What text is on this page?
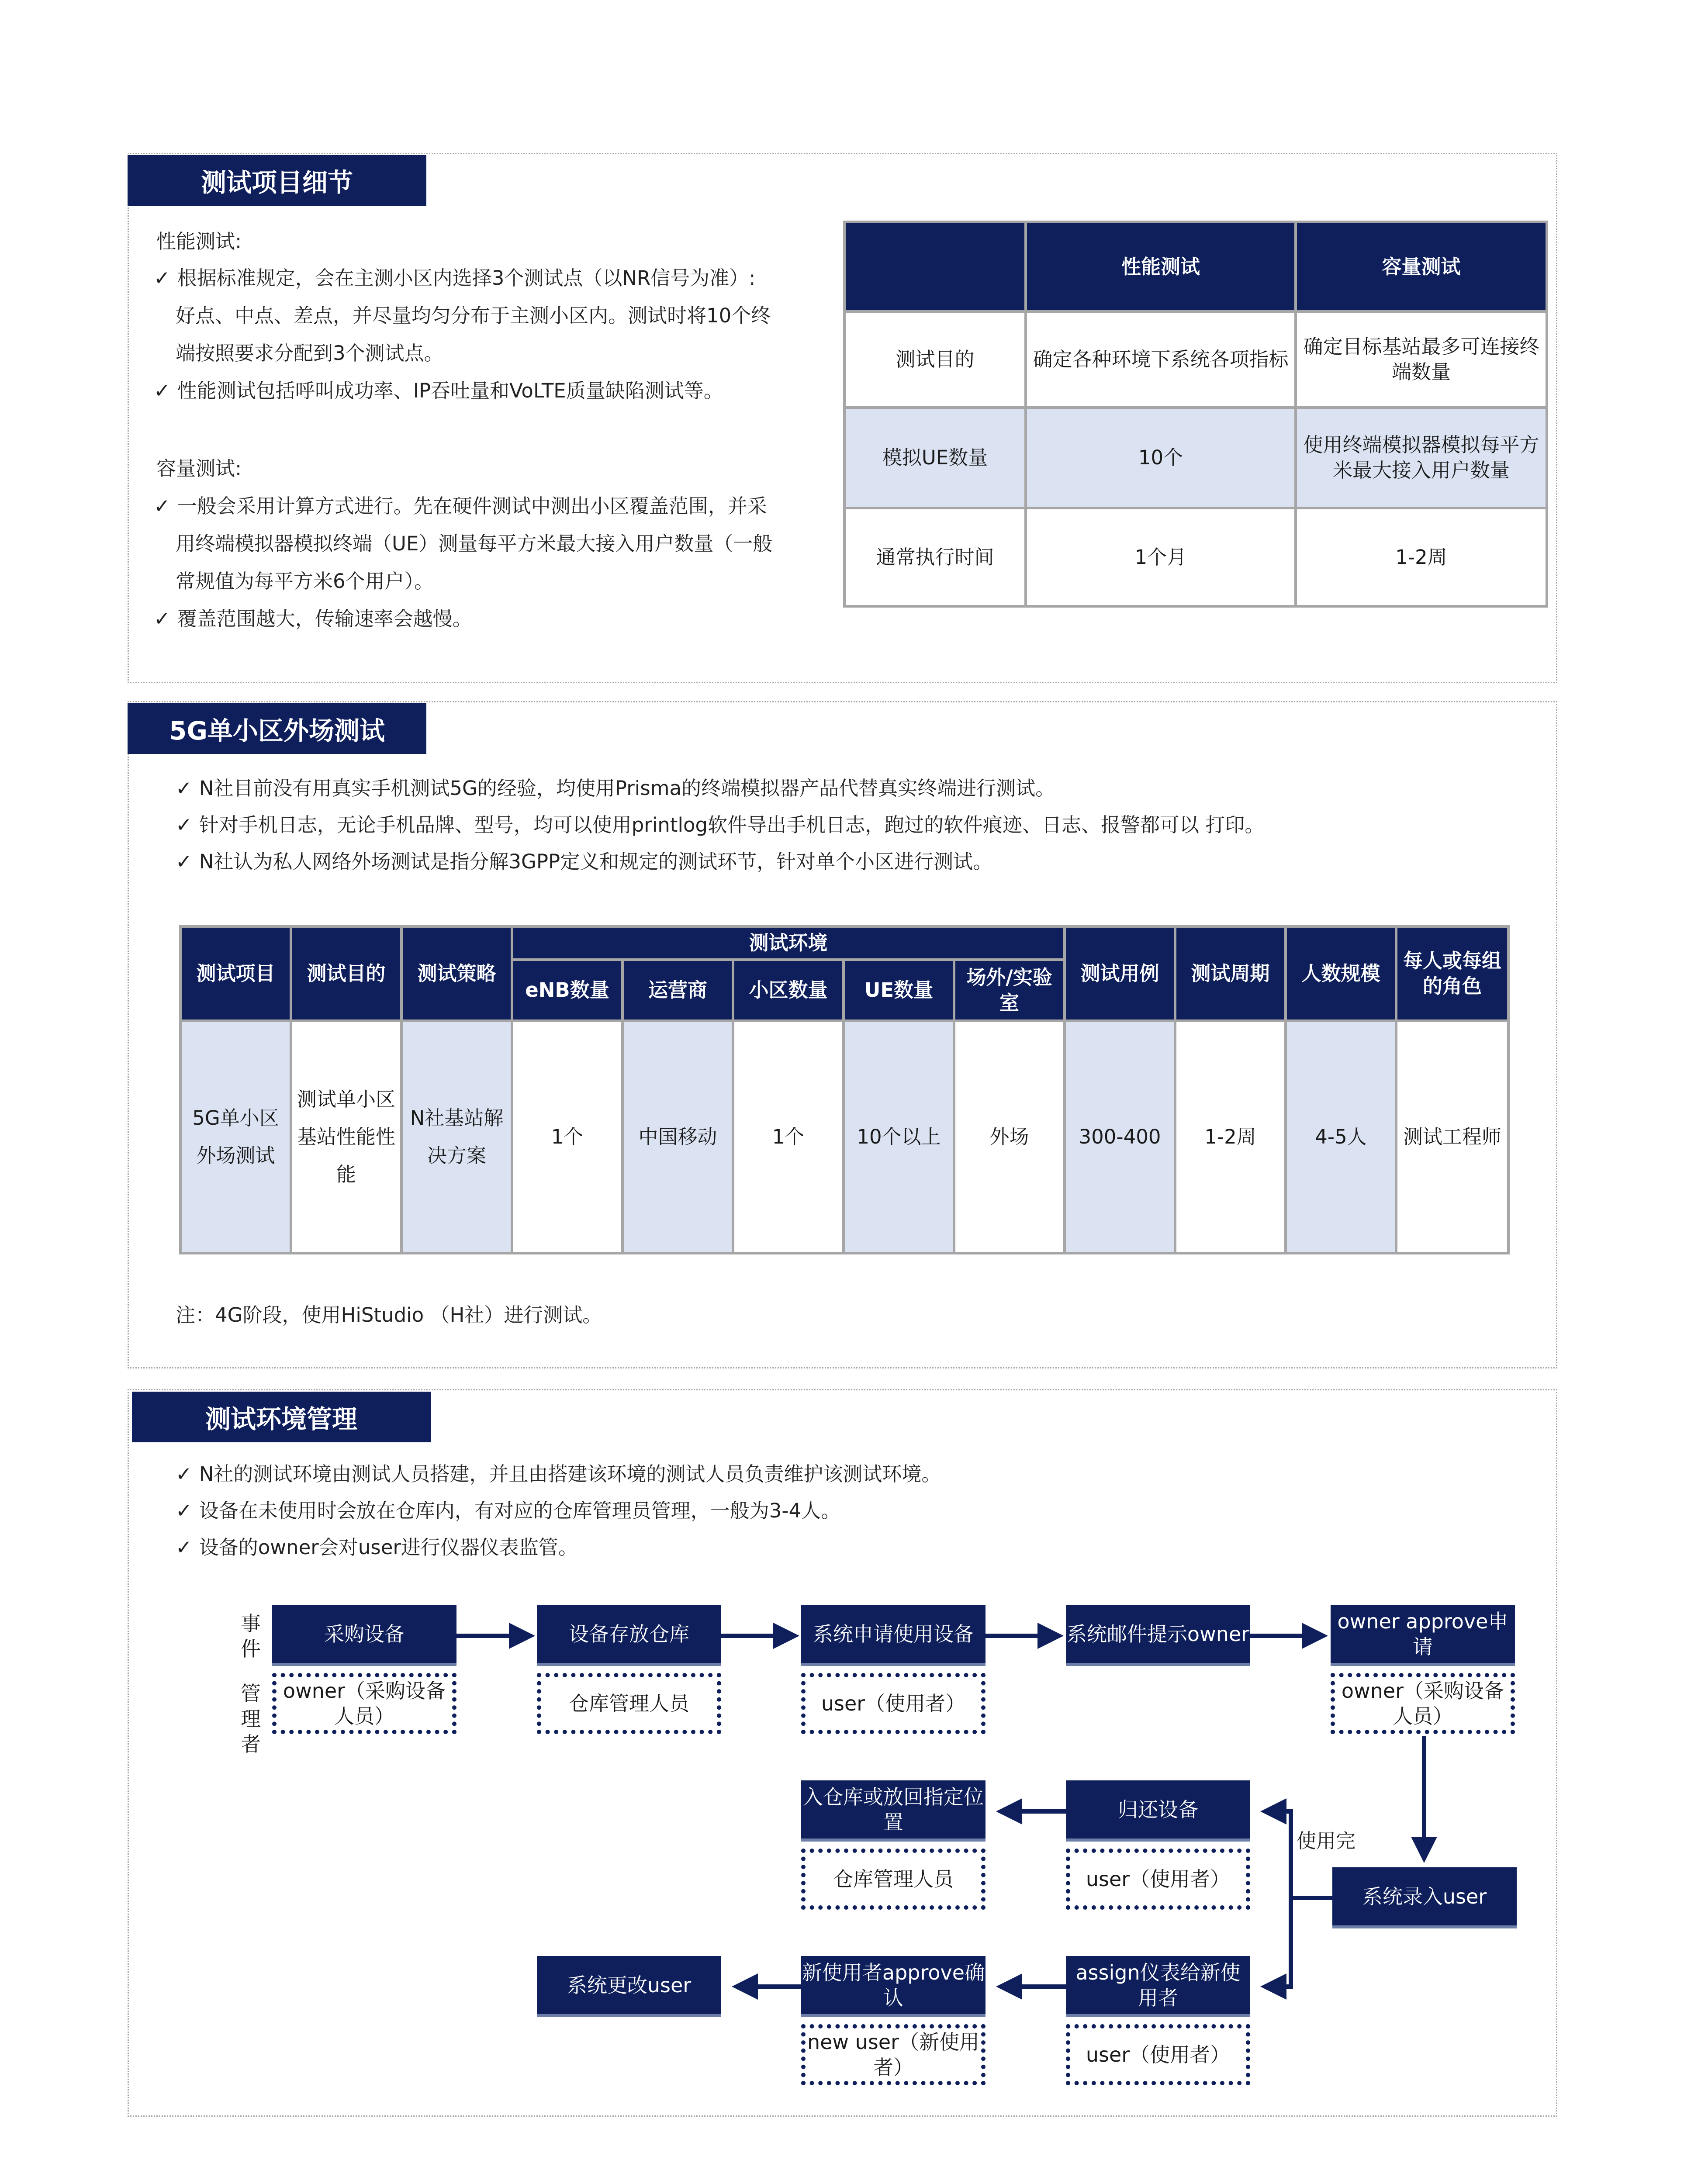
测试项目细节
性能测试:
✓ 根据标准规定，会在主测小区内选择3个测试点（以NR信号为准）:
好点、中点、差点，并尽量均匀分布于主测小区内。测试时将10个终
端按照要求分配到3个测试点。
✓ 性能测试包括呼叫成功率、IP吞吐量和VoLTE质量缺陷测试等。
容量测试:
✓ 一般会采用计算方式进行。先在硬件测试中测出小区覆盖范围，并采
用终端模拟器模拟终端（UE）测量每平方米最大接入用户数量（一般
常规值为每平方米6个用户）。
✓ 覆盖范围越大，传输速率会越慢。
	性能测试	容量测试
测试目的	确定各种环境下系统各项指标	确定目标基站最多可连接终端数量
模拟UE数量	10个	使用终端模拟器模拟每平方米最大接入用户数量
通常执行时间	1个月	1-2周
5G单小区外场测试
✓ N社目前没有用真实手机测试5G的经验，均使用Prisma的终端模拟器产品代替真实终端进行测试。
✓ 针对手机日志，无论手机品牌、型号，均可以使用printlog软件导出手机日志，跑过的软件痕迹、日志、报警都可以 打印。
✓ N社认为私人网络外场测试是指分解3GPP定义和规定的测试环节，针对单个小区进行测试。
测试项目	测试目的	测试策略	测试环境					测试用例	测试周期	人数规模	每人或每组的角色
			eNB数量	运营商	小区数量	UE数量	场外/实验室				
5G单小区外场测试	测试单小区基站性能性能	N社基站解决方案	1个	中国移动	1个	10个以上	外场	300-400	1-2周	4-5人	测试工程师
注：4G阶段，使用HiStudio （H社）进行测试。
测试环境管理
✓ N社的测试环境由测试人员搭建，并且由搭建该环境的测试人员负责维护该测试环境。
✓ 设备在未使用时会放在仓库内，有对应的仓库管理员管理，一般为3-4人。
✓ 设备的owner会对user进行仪器仪表监管。
事件
管理者
使用完
采购设备
owner（采购设备人员）
设备存放仓库
仓库管理人员
系统申请使用设备
user（使用者）
系统邮件提示owner
owner approve申请
owner（采购设备人员）
系统录入user
归还设备
user（使用者）
入仓库或放回指定位置
仓库管理人员
assign仪表给新使用者
user（使用者）
新使用者approve确认
new user（新使用者）
系统更改user
